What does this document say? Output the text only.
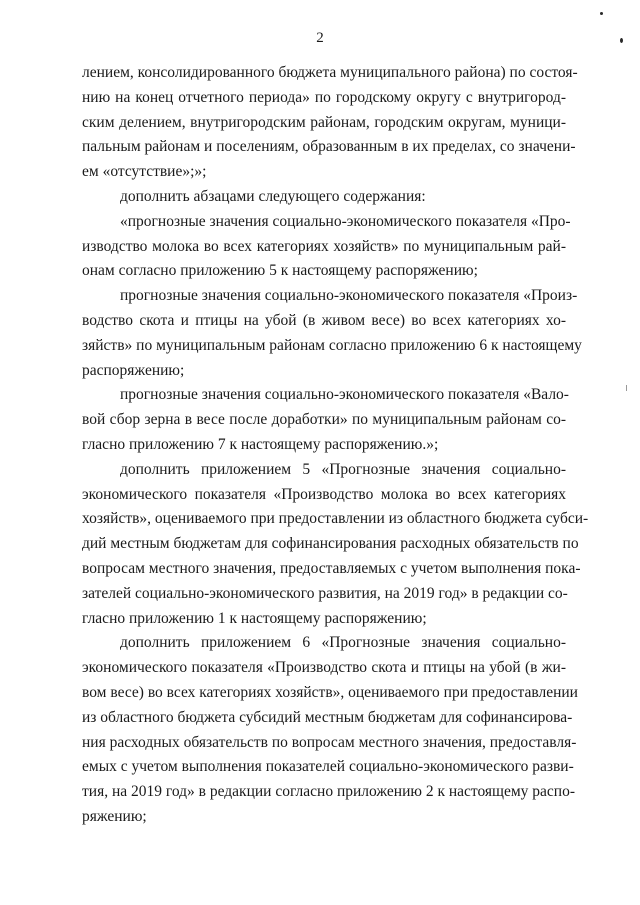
2
лением, консолидированного бюджета муниципального района) по состоя-
нию на конец отчетного периода» по городскому округу с внутригород-
ским делением, внутригородским районам, городским округам, муници-
пальным районам и поселениям, образованным в их пределах, со значени-
ем «отсутствие»;»;
дополнить абзацами следующего содержания:
«прогнозные значения социально-экономического показателя «Про-
изводство молока во всех категориях хозяйств» по муниципальным рай-
онам согласно приложению 5 к настоящему распоряжению;
прогнозные значения социально-экономического показателя «Произ-
водство скота и птицы на убой (в живом весе) во всех категориях хо-
зяйств» по муниципальным районам согласно приложению 6 к настоящему
распоряжению;
прогнозные значения социально-экономического показателя «Вало-
вой сбор зерна в весе после доработки» по муниципальным районам со-
гласно приложению 7 к настоящему распоряжению.»;
дополнить приложением 5 «Прогнозные значения социально-
экономического показателя «Производство молока во всех категориях
хозяйств», оцениваемого при предоставлении из областного бюджета субси-
дий местным бюджетам для софинансирования расходных обязательств по
вопросам местного значения, предоставляемых с учетом выполнения пока-
зателей социально-экономического развития, на 2019 год» в редакции со-
гласно приложению 1 к настоящему распоряжению;
дополнить приложением 6 «Прогнозные значения социально-
экономического показателя «Производство скота и птицы на убой (в жи-
вом весе) во всех категориях хозяйств», оцениваемого при предоставлении
из областного бюджета субсидий местным бюджетам для софинансирова-
ния расходных обязательств по вопросам местного значения, предоставля-
емых с учетом выполнения показателей социально-экономического разви-
тия, на 2019 год» в редакции согласно приложению 2 к настоящему распо-
ряжению;
